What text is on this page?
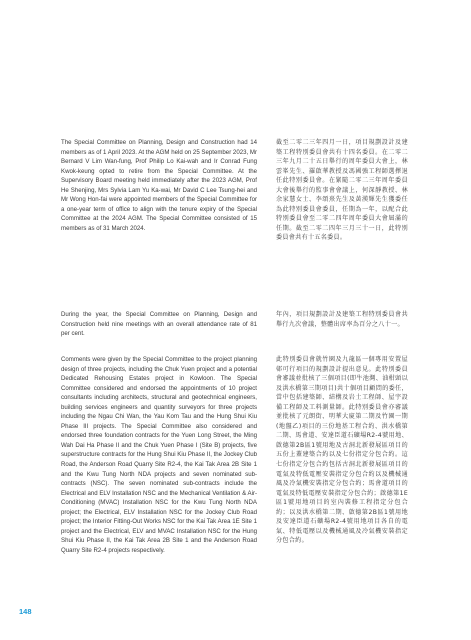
The Special Committee on Planning, Design and Construction had 14 members as of 1 April 2023. At the AGM held on 25 September 2023, Mr Bernard V Lim Wan-fung, Prof Philip Lo Kai-wah and Ir Conrad Fung Kwok-keung opted to retire from the Special Committee. At the Supervisory Board meeting held immediately after the 2023 AGM, Prof He Shenjing, Mrs Sylvia Lam Yu Ka-wai, Mr David C Lee Tsung-hei and Mr Wong Hon-fai were appointed members of the Special Committee for a one-year term of office to align with the tenure expiry of the Special Committee at the 2024 AGM. The Special Committee consisted of 15 members as of 31 March 2024.

During the year, the Special Committee on Planning, Design and Construction held nine meetings with an overall attendance rate of 81 per cent.

Comments were given by the Special Committee to the project planning design of three projects, including the Chuk Yuen project and a potential Dedicated Rehousing Estates project in Kowloon. The Special Committee considered and endorsed the appointments of 10 project consultants including architects, structural and geotechnical engineers, building services engineers and quantity surveyors for three projects including the Ngau Chi Wan, the Yau Kom Tau and the Hung Shui Kiu Phase III projects. The Special Committee also considered and endorsed three foundation contracts for the Yuen Long Street, the Ming Wah Dai Ha Phase II and the Chuk Yuen Phase I (Site B) projects, five superstructure contracts for the Hung Shui Kiu Phase II, the Jockey Club Road, the Anderson Road Quarry Site R2-4, the Kai Tak Area 2B Site 1 and the Kwu Tung North NDA projects and seven nominated sub-contracts (NSC). The seven nominated sub-contracts include the Electrical and ELV Installation NSC and the Mechanical Ventilation & Air-Conditioning (MVAC) Installation NSC for the Kwu Tung North NDA project; the Electrical, ELV Installation NSC for the Jockey Club Road project; the Interior Fitting-Out Works NSC for the Kai Tak Area 1E Site 1 project and the Electrical, ELV and MVAC Installation NSC for the Hung Shui Kiu Phase II, the Kai Tak Area 2B Site 1 and the Anderson Road Quarry Site R2-4 projects respectively.

截至二零二三年四月一日，項目規劃設計及建築工程特別委員會共有十四名委員。在二零二三年九月二十五日舉行的周年委員大會上，林雲峯先生、羅啟華教授及馮國強工程師選擇退任此特別委員會。在緊隨二零二三年周年委員大會後舉行的監事會會議上，何深靜教授、林余家慧女士、李頌熹先生及黃漢輝先生獲委任為此特別委員會委員，任期為一年，以配合此特別委員會至二零二四年周年委員大會屆滿的任期。截至二零二四年三月三十一日，此特別委員會共有十五名委員。

年內，項目規劃設計及建築工程特別委員會共舉行九次會議，整體出席率為百分之八十一。

此特別委員會就竹園及九龍區一個專用安置屋邨可行項目的規劃設計提出意見。此特別委員會審議並批核了三個項目(即牛池灣、油柑頭以及洪水橋第三期項目)共十個項目顧問的委任，當中包括建築師、結構及岩土工程師、屋宇設備工程師及工料測量師。此特別委員會亦審議並批核了元朗街、明華大廈第二期及竹園一期(地盤乙)項目的三份地基工程合約、洪水橋第二期、馬會道、安達臣道石礦場R2-4號用地、啟德第2B區1號用地及古洞北新發展區項目的五份上蓋建築合約以及七份指定分包合約。這七份指定分包合約包括古洞北新發展區項目的電氣及特低電壓安裝指定分包合約以及機械通風及冷氣機安裝指定分包合約；馬會道項目的電氣及特低電壓安裝指定分包合約；啟德第1E區1號用地項目的室內裝修工程指定分包合約；以及洪水橋第二期、啟德第2B區1號用地及安達臣道石礦場R2-4號用地項目各自的電氣、特低電壓以及機械通風及冷氣機安裝指定分包合約。

148
